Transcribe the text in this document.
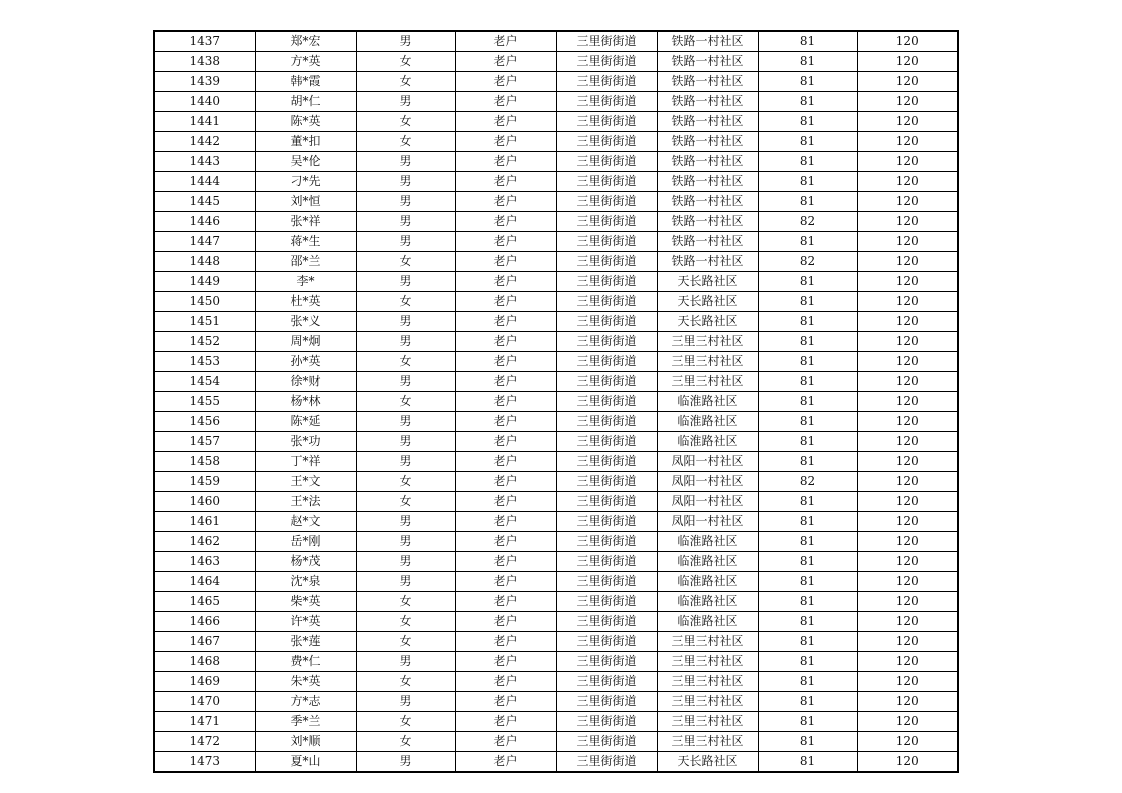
1437	郑*宏	男	老户	三里街街道	铁路一村社区	81	120
1438	方*英	女	老户	三里街街道	铁路一村社区	81	120
1439	韩*霞	女	老户	三里街街道	铁路一村社区	81	120
1440	胡*仁	男	老户	三里街街道	铁路一村社区	81	120
1441	陈*英	女	老户	三里街街道	铁路一村社区	81	120
1442	董*扣	女	老户	三里街街道	铁路一村社区	81	120
1443	吴*伦	男	老户	三里街街道	铁路一村社区	81	120
1444	刁*先	男	老户	三里街街道	铁路一村社区	81	120
1445	刘*恒	男	老户	三里街街道	铁路一村社区	81	120
1446	张*祥	男	老户	三里街街道	铁路一村社区	82	120
1447	蒋*生	男	老户	三里街街道	铁路一村社区	81	120
1448	邵*兰	女	老户	三里街街道	铁路一村社区	82	120
1449	李*	男	老户	三里街街道	天长路社区	81	120
1450	杜*英	女	老户	三里街街道	天长路社区	81	120
1451	张*义	男	老户	三里街街道	天长路社区	81	120
1452	周*炯	男	老户	三里街街道	三里三村社区	81	120
1453	孙*英	女	老户	三里街街道	三里三村社区	81	120
1454	徐*财	男	老户	三里街街道	三里三村社区	81	120
1455	杨*林	女	老户	三里街街道	临淮路社区	81	120
1456	陈*延	男	老户	三里街街道	临淮路社区	81	120
1457	张*功	男	老户	三里街街道	临淮路社区	81	120
1458	丁*祥	男	老户	三里街街道	凤阳一村社区	81	120
1459	王*文	女	老户	三里街街道	凤阳一村社区	82	120
1460	王*法	女	老户	三里街街道	凤阳一村社区	81	120
1461	赵*文	男	老户	三里街街道	凤阳一村社区	81	120
1462	岳*刚	男	老户	三里街街道	临淮路社区	81	120
1463	杨*茂	男	老户	三里街街道	临淮路社区	81	120
1464	沈*泉	男	老户	三里街街道	临淮路社区	81	120
1465	柴*英	女	老户	三里街街道	临淮路社区	81	120
1466	许*英	女	老户	三里街街道	临淮路社区	81	120
1467	张*莲	女	老户	三里街街道	三里三村社区	81	120
1468	费*仁	男	老户	三里街街道	三里三村社区	81	120
1469	朱*英	女	老户	三里街街道	三里三村社区	81	120
1470	方*志	男	老户	三里街街道	三里三村社区	81	120
1471	季*兰	女	老户	三里街街道	三里三村社区	81	120
1472	刘*顺	女	老户	三里街街道	三里三村社区	81	120
1473	夏*山	男	老户	三里街街道	天长路社区	81	120
